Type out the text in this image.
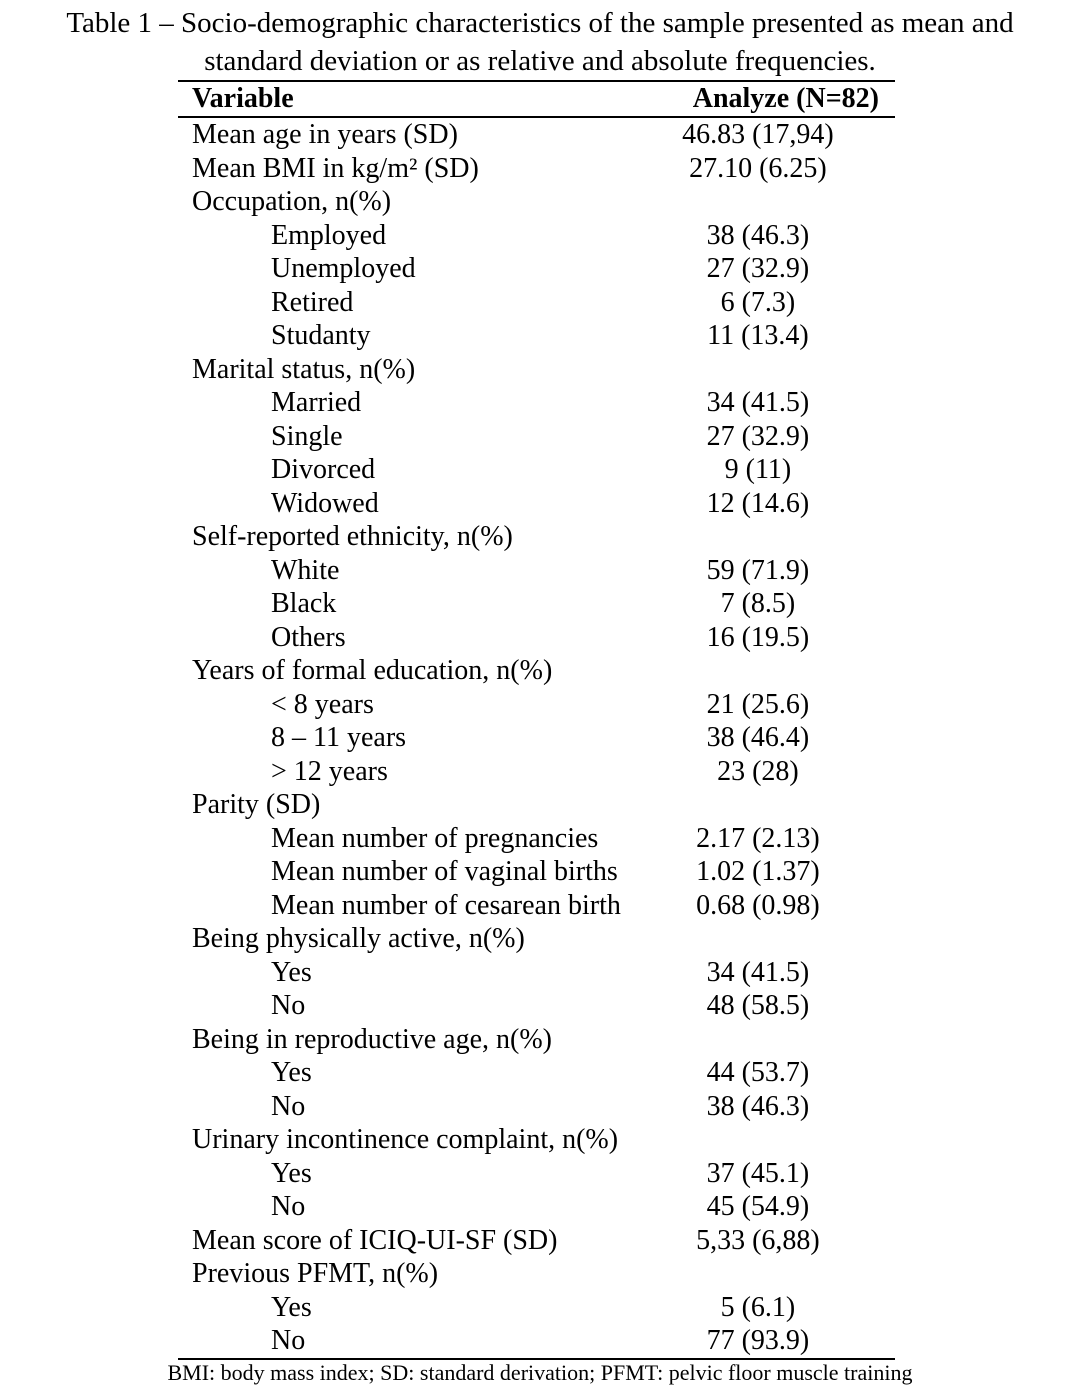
Table 1 – Socio-demographic characteristics of the sample presented as mean and
standard deviation or as relative and absolute frequencies.
Variable	Analyze (N=82)
Mean age in years (SD)	46.83 (17,94)
Mean BMI in kg/m² (SD)	27.10 (6.25)
Occupation, n(%)	
Employed	38 (46.3)
Unemployed	27 (32.9)
Retired	6 (7.3)
Studanty	11 (13.4)
Marital status, n(%)	
Married	34 (41.5)
Single	27 (32.9)
Divorced	9 (11)
Widowed	12 (14.6)
Self-reported ethnicity, n(%)	
White	59 (71.9)
Black	7 (8.5)
Others	16 (19.5)
Years of formal education, n(%)	
< 8 years	21 (25.6)
8 – 11 years	38 (46.4)
> 12 years	23 (28)
Parity (SD)	
Mean number of pregnancies	2.17 (2.13)
Mean number of vaginal births	1.02 (1.37)
Mean number of cesarean birth	0.68 (0.98)
Being physically active, n(%)	
Yes	34 (41.5)
No	48 (58.5)
Being in reproductive age, n(%)	
Yes	44 (53.7)
No	38 (46.3)
Urinary incontinence complaint, n(%)	
Yes	37 (45.1)
No	45 (54.9)
Mean score of ICIQ-UI-SF (SD)	5,33 (6,88)
Previous PFMT, n(%)	
Yes	5 (6.1)
No	77 (93.9)
BMI: body mass index; SD: standard derivation; PFMT: pelvic floor muscle training
